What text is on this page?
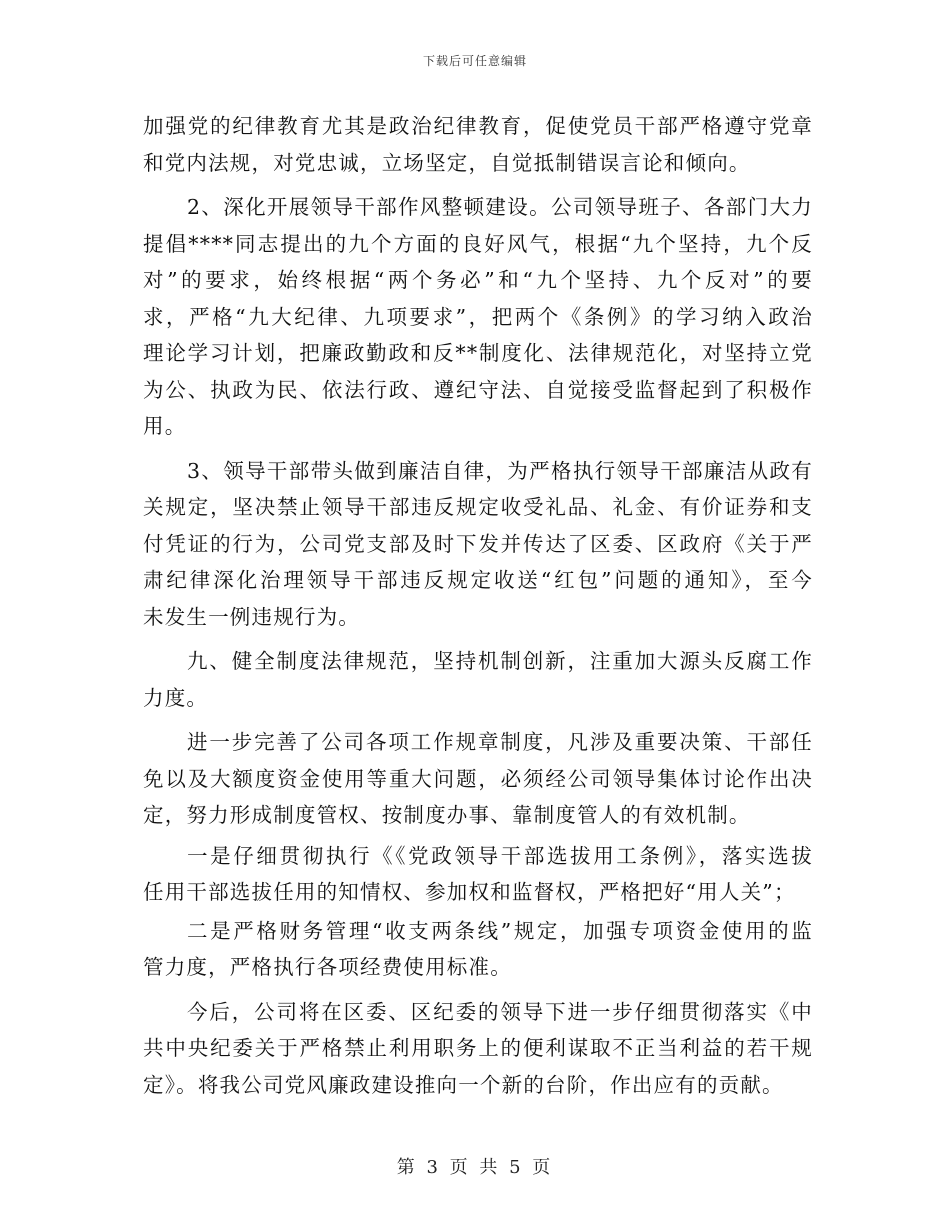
下载后可任意编辑

加强党的纪律教育尤其是政治纪律教育，促使党员干部严格遵守党章
和党内法规，对党忠诚，立场坚定，自觉抵制错误言论和倾向。

2、深化开展领导干部作风整顿建设。公司领导班子、各部门大力
提倡****同志提出的九个方面的良好风气，根据“九个坚持，九个反
对”的要求，始终根据“两个务必”和“九个坚持、九个反对”的要
求，严格“九大纪律、九项要求”，把两个《条例》的学习纳入政治
理论学习计划，把廉政勤政和反**制度化、法律规范化，对坚持立党
为公、执政为民、依法行政、遵纪守法、自觉接受监督起到了积极作
用。

3、领导干部带头做到廉洁自律，为严格执行领导干部廉洁从政有
关规定，坚决禁止领导干部违反规定收受礼品、礼金、有价证券和支
付凭证的行为，公司党支部及时下发并传达了区委、区政府《关于严
肃纪律深化治理领导干部违反规定收送“红包”问题的通知》，至今
未发生一例违规行为。

九、健全制度法律规范，坚持机制创新，注重加大源头反腐工作
力度。

进一步完善了公司各项工作规章制度，凡涉及重要决策、干部任
免以及大额度资金使用等重大问题，必须经公司领导集体讨论作出决
定，努力形成制度管权、按制度办事、靠制度管人的有效机制。

一是仔细贯彻执行《《党政领导干部选拔用工条例》，落实选拔
任用干部选拔任用的知情权、参加权和监督权，严格把好“用人关”；

二是严格财务管理“收支两条线”规定，加强专项资金使用的监
管力度，严格执行各项经费使用标准。

今后，公司将在区委、区纪委的领导下进一步仔细贯彻落实《中
共中央纪委关于严格禁止利用职务上的便利谋取不正当利益的若干规
定》。将我公司党风廉政建设推向一个新的台阶，作出应有的贡献。

第 3 页 共 5 页
